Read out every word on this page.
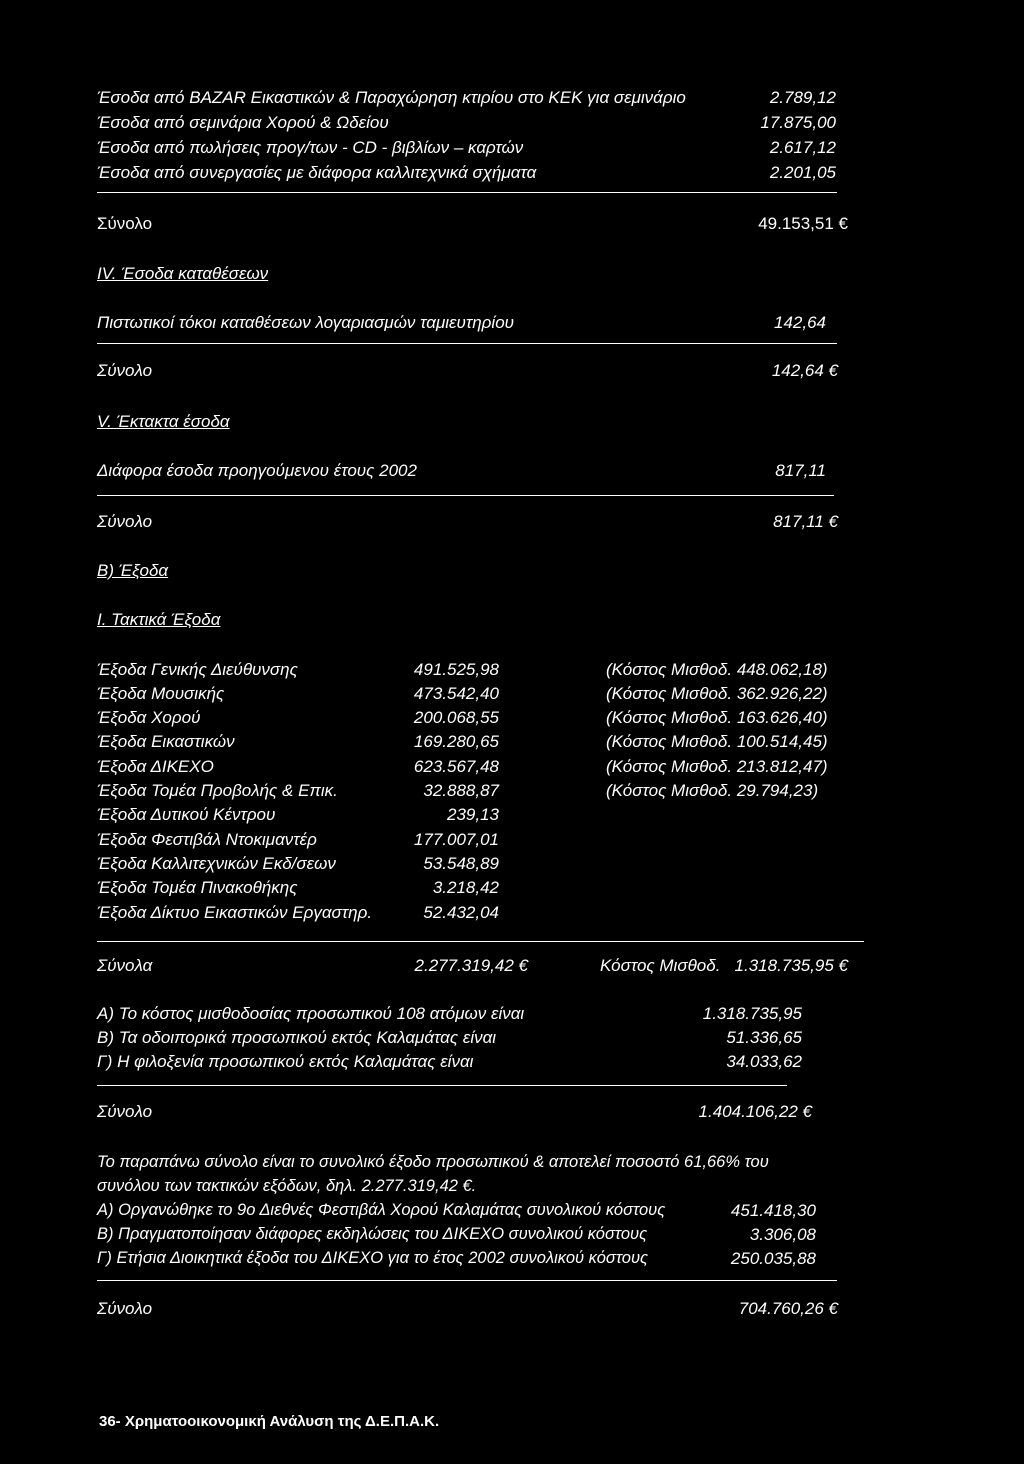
Έσοδα από BAZAR Εικαστικών & Παραχώρηση κτιρίου στο ΚΕΚ για σεμινάριο	2.789,12
Έσοδα από σεμινάρια Χορού & Ωδείου	17.875,00
Έσοδα από πωλήσεις προγ/των - CD - βιβλίων – καρτών	2.617,12
Έσοδα από συνεργασίες με διάφορα καλλιτεχνικά σχήματα	2.201,05
Σύνολο	49.153,51 €
IV. Έσοδα καταθέσεων
Πιστωτικοί τόκοι καταθέσεων λογαριασμών ταμιευτηρίου	142,64
Σύνολο	142,64 €
V. Έκτακτα έσοδα
Διάφορα έσοδα προηγούμενου έτους 2002	817,11
Σύνολο	817,11 €
Β) Έξοδα
Ι. Τακτικά Έξοδα
Έξοδα Γενικής Διεύθυνσης	491.525,98	(Κόστος Μισθοδ. 448.062,18)
Έξοδα Μουσικής	473.542,40	(Κόστος Μισθοδ. 362.926,22)
Έξοδα Χορού	200.068,55	(Κόστος Μισθοδ. 163.626,40)
Έξοδα Εικαστικών	169.280,65	(Κόστος Μισθοδ. 100.514,45)
Έξοδα ΔΙΚΕΧΟ	623.567,48	(Κόστος Μισθοδ. 213.812,47)
Έξοδα Τομέα Προβολής & Επικ.	32.888,87	(Κόστος Μισθοδ. 29.794,23)
Έξοδα Δυτικού Κέντρου	239,13
Έξοδα Φεστιβάλ Ντοκιμαντέρ	177.007,01
Έξοδα Καλλιτεχνικών Εκδ/σεων	53.548,89
Έξοδα Τομέα Πινακοθήκης	3.218,42
Έξοδα Δίκτυο Εικαστικών Εργαστηρ.	52.432,04
Σύνολα	2.277.319,42 €	Κόστος Μισθοδ. 1.318.735,95 €
Α) Το κόστος μισθοδοσίας προσωπικού 108 ατόμων είναι	1.318.735,95
Β) Τα οδοιπορικά προσωπικού εκτός Καλαμάτας είναι	51.336,65
Γ) Η φιλοξενία προσωπικού εκτός Καλαμάτας είναι	34.033,62
Σύνολο	1.404.106,22 €
Το παραπάνω σύνολο είναι το συνολικό έξοδο προσωπικού & αποτελεί ποσοστό 61,66% του
συνόλου των τακτικών εξόδων, δηλ. 2.277.319,42 €.
Α) Οργανώθηκε το 9ο Διεθνές Φεστιβάλ Χορού Καλαμάτας συνολικού κόστους	451.418,30
Β) Πραγματοποίησαν διάφορες εκδηλώσεις του ΔΙΚΕΧΟ συνολικού κόστους	3.306,08
Γ) Ετήσια Διοικητικά έξοδα του ΔΙΚΕΧΟ για το έτος 2002 συνολικού κόστους	250.035,88
Σύνολο	704.760,26 €
36- Χρηματοοικονομική Ανάλυση της Δ.Ε.Π.Α.Κ.
